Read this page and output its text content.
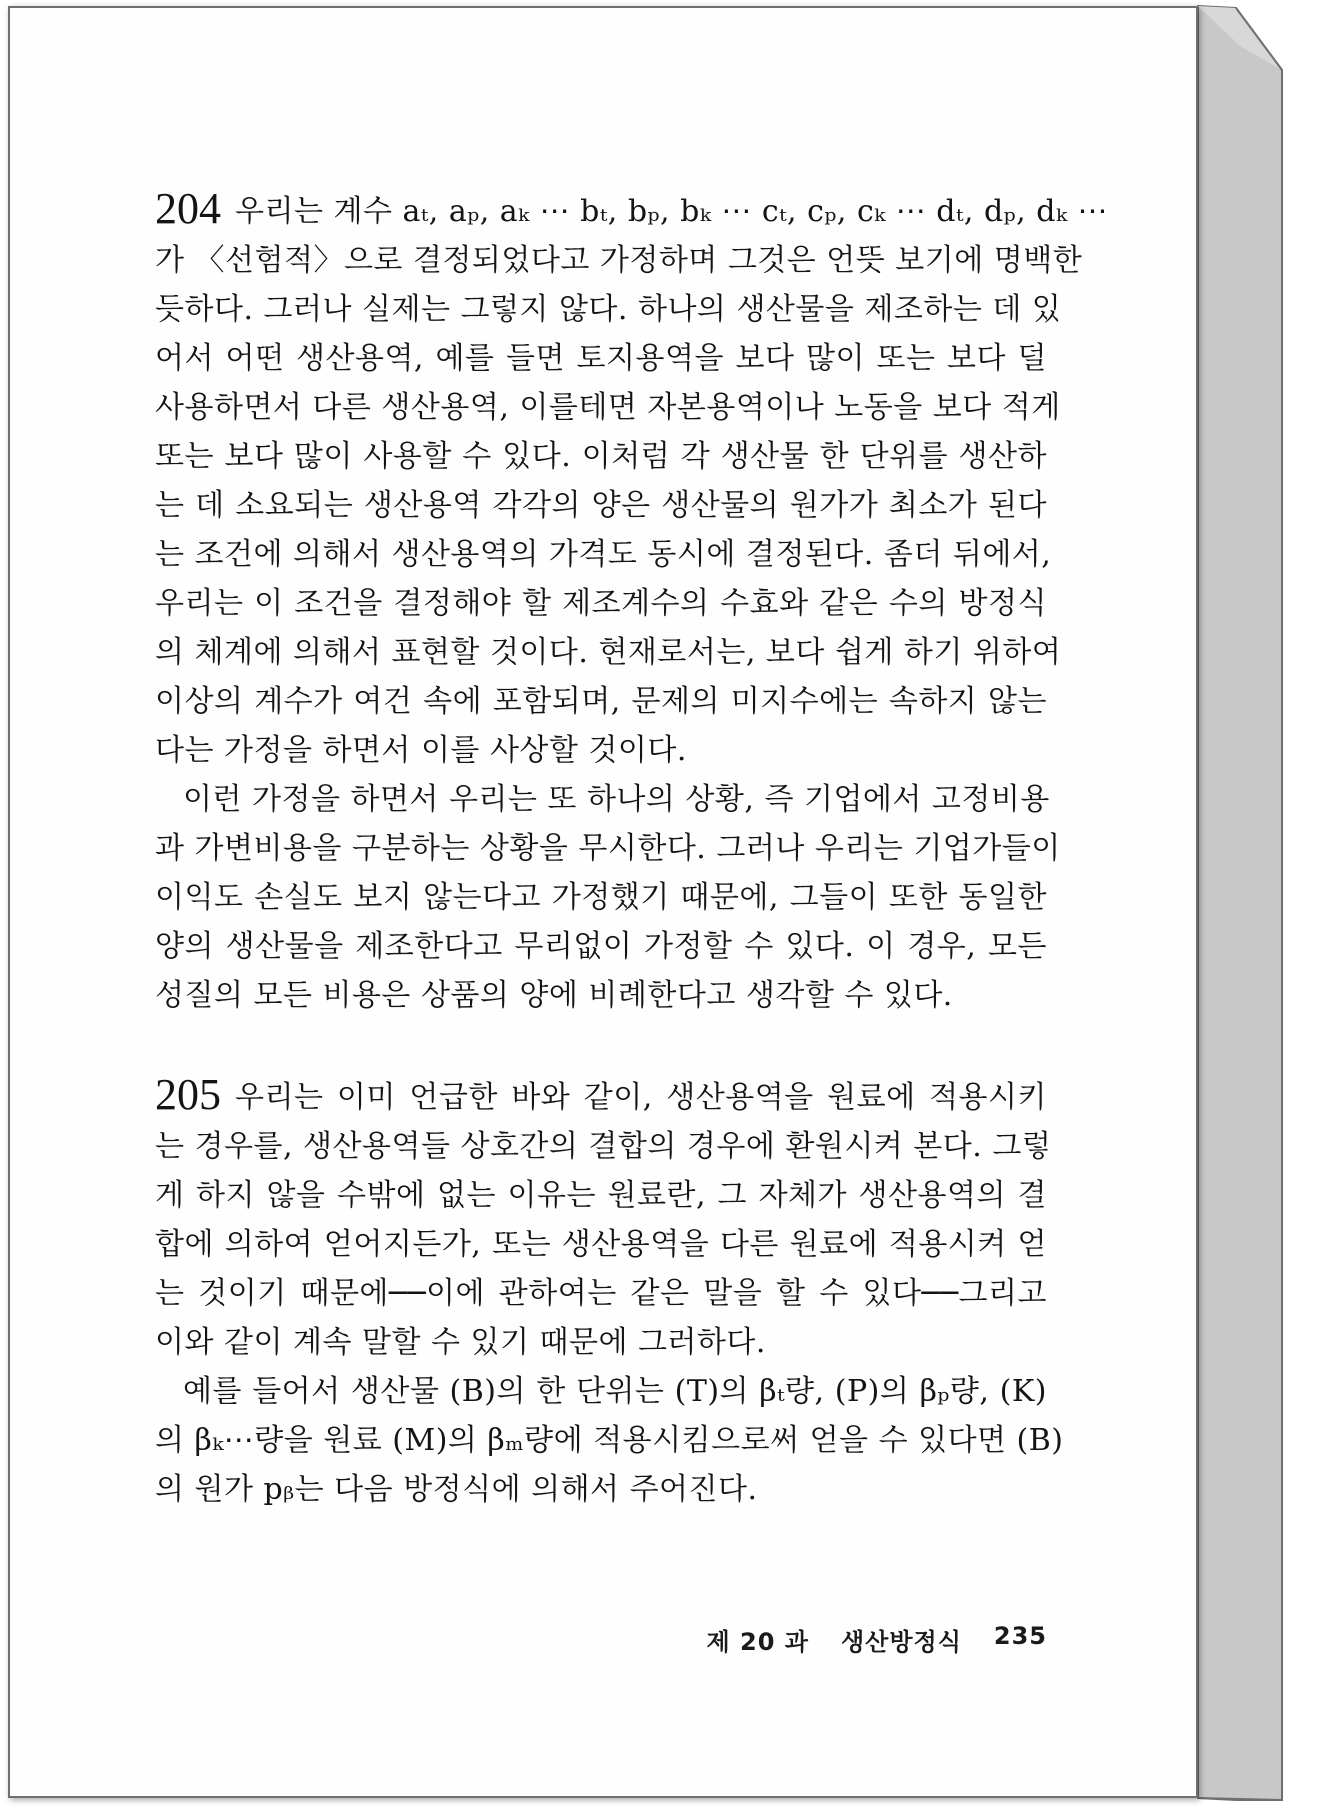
204 우리는 계수 aₜ, aₚ, aₖ ⋯ bₜ, bₚ, bₖ ⋯ cₜ, cₚ, cₖ ⋯ dₜ, dₚ, dₖ ⋯
가 〈선험적〉으로 결정되었다고 가정하며 그것은 언뜻 보기에 명백한
듯하다. 그러나 실제는 그렇지 않다. 하나의 생산물을 제조하는 데 있
어서 어떤 생산용역, 예를 들면 토지용역을 보다 많이 또는 보다 덜
사용하면서 다른 생산용역, 이를테면 자본용역이나 노동을 보다 적게
또는 보다 많이 사용할 수 있다. 이처럼 각 생산물 한 단위를 생산하
는 데 소요되는 생산용역 각각의 양은 생산물의 원가가 최소가 된다
는 조건에 의해서 생산용역의 가격도 동시에 결정된다. 좀더 뒤에서,
우리는 이 조건을 결정해야 할 제조계수의 수효와 같은 수의 방정식
의 체계에 의해서 표현할 것이다. 현재로서는, 보다 쉽게 하기 위하여
이상의 계수가 여건 속에 포함되며, 문제의 미지수에는 속하지 않는
다는 가정을 하면서 이를 사상할 것이다.

이런 가정을 하면서 우리는 또 하나의 상황, 즉 기업에서 고정비용
과 가변비용을 구분하는 상황을 무시한다. 그러나 우리는 기업가들이
이익도 손실도 보지 않는다고 가정했기 때문에, 그들이 또한 동일한
양의 생산물을 제조한다고 무리없이 가정할 수 있다. 이 경우, 모든
성질의 모든 비용은 상품의 양에 비례한다고 생각할 수 있다.

205 우리는 이미 언급한 바와 같이, 생산용역을 원료에 적용시키
는 경우를, 생산용역들 상호간의 결합의 경우에 환원시켜 본다. 그렇
게 하지 않을 수밖에 없는 이유는 원료란, 그 자체가 생산용역의 결
합에 의하여 얻어지든가, 또는 생산용역을 다른 원료에 적용시켜 얻
는 것이기 때문에──이에 관하여는 같은 말을 할 수 있다──그리고
이와 같이 계속 말할 수 있기 때문에 그러하다.

예를 들어서 생산물 (B)의 한 단위는 (T)의 βₜ량, (P)의 βₚ량, (K)
의 βₖ⋯량을 원료 (M)의 βₘ량에 적용시킴으로써 얻을 수 있다면 (B)
의 원가 pᵦ는 다음 방정식에 의해서 주어진다.

제 20 과 생산방정식 235
